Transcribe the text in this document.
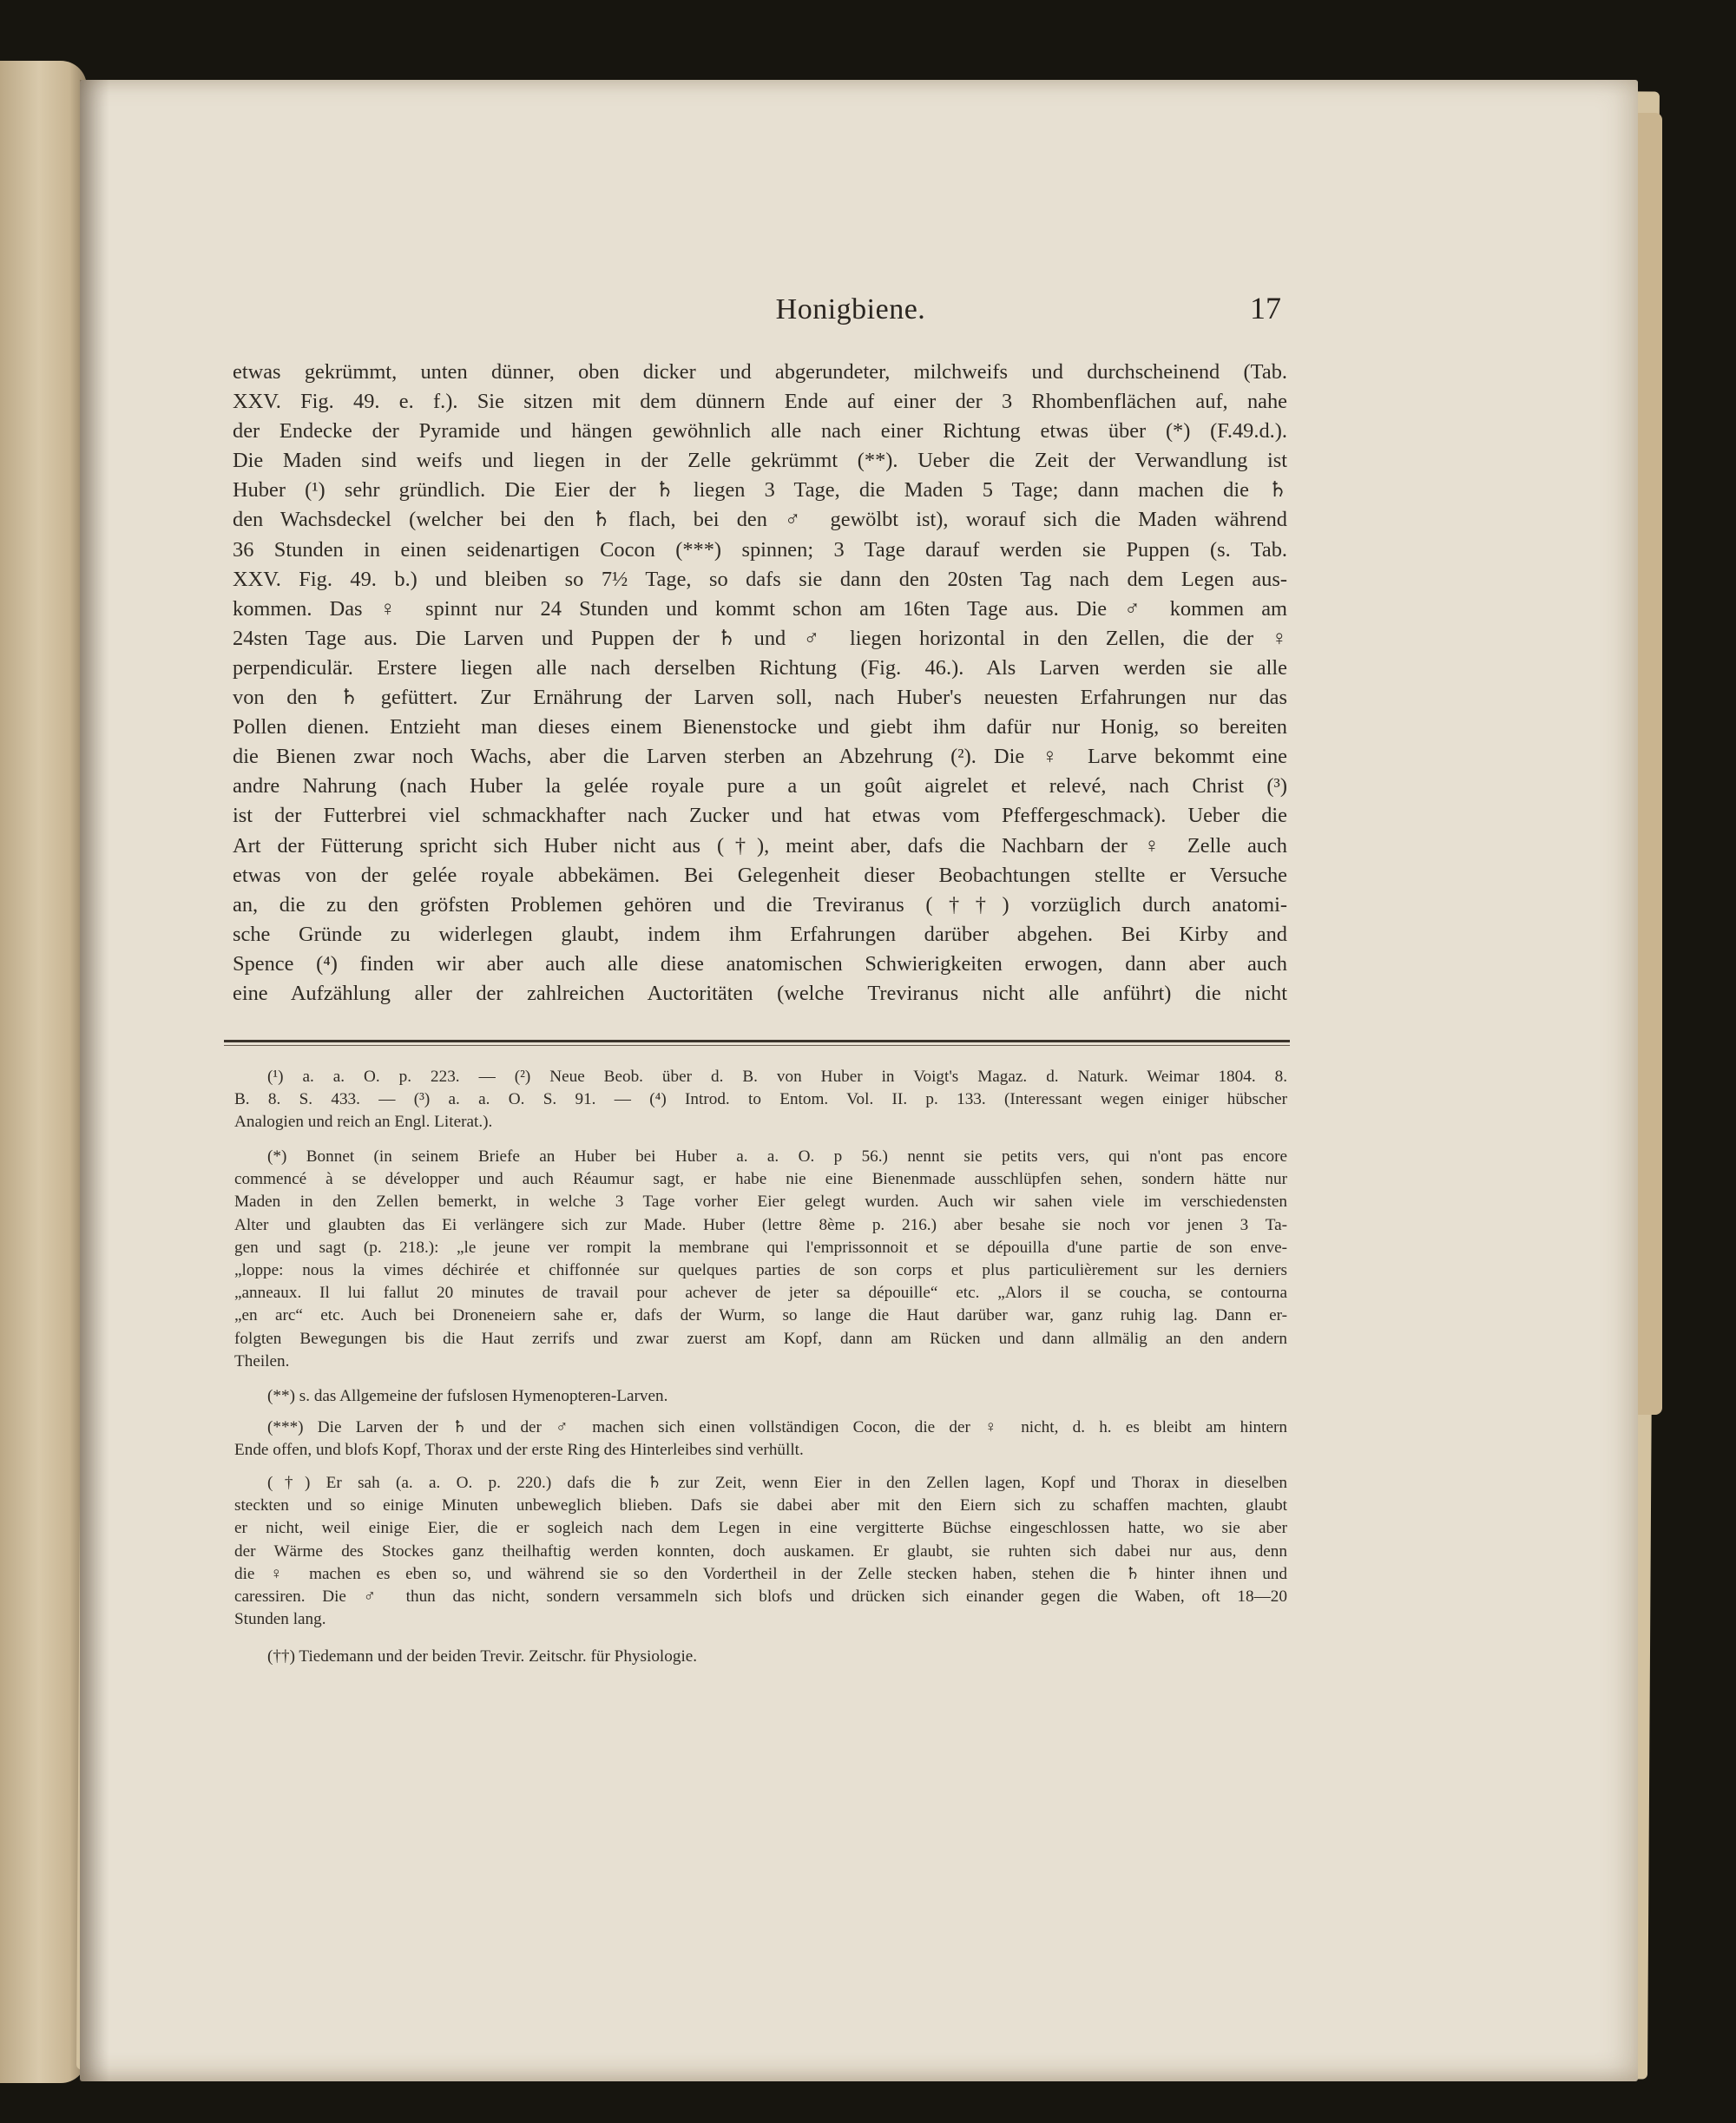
Honigbiene.	17
etwas gekrümmt, unten dünner, oben dicker und abgerundeter, milchweifs und durchscheinend (Tab.
XXV. Fig. 49. e. f.). Sie sitzen mit dem dünnern Ende auf einer der 3 Rhombenflächen auf, nahe
der Endecke der Pyramide und hängen gewöhnlich alle nach einer Richtung etwas über (*) (F.49.d.).
Die Maden sind weifs und liegen in der Zelle gekrümmt (**). Ueber die Zeit der Verwandlung ist
Huber (¹) sehr gründlich. Die Eier der ♄ liegen 3 Tage, die Maden 5 Tage; dann machen die ♄
den Wachsdeckel (welcher bei den ♄ flach, bei den ♂ gewölbt ist), worauf sich die Maden während
36 Stunden in einen seidenartigen Cocon (***) spinnen; 3 Tage darauf werden sie Puppen (s. Tab.
XXV. Fig. 49. b.) und bleiben so 7½ Tage, so dafs sie dann den 20sten Tag nach dem Legen aus-
kommen. Das ♀ spinnt nur 24 Stunden und kommt schon am 16ten Tage aus. Die ♂ kommen am
24sten Tage aus. Die Larven und Puppen der ♄ und ♂ liegen horizontal in den Zellen, die der ♀
perpendiculär. Erstere liegen alle nach derselben Richtung (Fig. 46.). Als Larven werden sie alle
von den ♄ gefüttert. Zur Ernährung der Larven soll, nach Huber's neuesten Erfahrungen nur das
Pollen dienen. Entzieht man dieses einem Bienenstocke und giebt ihm dafür nur Honig, so bereiten
die Bienen zwar noch Wachs, aber die Larven sterben an Abzehrung (²). Die ♀ Larve bekommt eine
andre Nahrung (nach Huber la gelée royale pure a un goût aigrelet et relevé, nach Christ (³)
ist der Futterbrei viel schmackhafter nach Zucker und hat etwas vom Pfeffergeschmack). Ueber die
Art der Fütterung spricht sich Huber nicht aus (†), meint aber, dafs die Nachbarn der ♀ Zelle auch
etwas von der gelée royale abbekämen. Bei Gelegenheit dieser Beobachtungen stellte er Versuche
an, die zu den gröfsten Problemen gehören und die Treviranus (††) vorzüglich durch anatomi-
sche Gründe zu widerlegen glaubt, indem ihm Erfahrungen darüber abgehen. Bei Kirby and
Spence (⁴) finden wir aber auch alle diese anatomischen Schwierigkeiten erwogen, dann aber auch
eine Aufzählung aller der zahlreichen Auctoritäten (welche Treviranus nicht alle anführt) die nicht
(¹) a. a. O. p. 223. — (²) Neue Beob. über d. B. von Huber in Voigt's Magaz. d. Naturk. Weimar 1804. 8.
B. 8. S. 433. — (³) a. a. O. S. 91. — (⁴) Introd. to Entom. Vol. II. p. 133. (Interessant wegen einiger hübscher
Analogien und reich an Engl. Literat.).
(*) Bonnet (in seinem Briefe an Huber bei Huber a. a. O. p 56.) nennt sie petits vers, qui n'ont pas encore
commencé à se développer und auch Réaumur sagt, er habe nie eine Bienenmade ausschlüpfen sehen, sondern hätte nur
Maden in den Zellen bemerkt, in welche 3 Tage vorher Eier gelegt wurden. Auch wir sahen viele im verschiedensten
Alter und glaubten das Ei verlängere sich zur Made. Huber (lettre 8ème p. 216.) aber besahe sie noch vor jenen 3 Ta-
gen und sagt (p. 218.): „le jeune ver rompit la membrane qui l'emprissonnoit et se dépouilla d'une partie de son enve-
„loppe: nous la vimes déchirée et chiffonnée sur quelques parties de son corps et plus particulièrement sur les derniers
„anneaux. Il lui fallut 20 minutes de travail pour achever de jeter sa dépouille“ etc. „Alors il se coucha, se contourna
„en arc“ etc. Auch bei Droneneiern sahe er, dafs der Wurm, so lange die Haut darüber war, ganz ruhig lag. Dann er-
folgten Bewegungen bis die Haut zerrifs und zwar zuerst am Kopf, dann am Rücken und dann allmälig an den andern
Theilen.
(**) s. das Allgemeine der fufslosen Hymenopteren-Larven.
(***) Die Larven der ♄ und der ♂ machen sich einen vollständigen Cocon, die der ♀ nicht, d. h. es bleibt am hintern
Ende offen, und blofs Kopf, Thorax und der erste Ring des Hinterleibes sind verhüllt.
(†) Er sah (a. a. O. p. 220.) dafs die ♄ zur Zeit, wenn Eier in den Zellen lagen, Kopf und Thorax in dieselben
steckten und so einige Minuten unbeweglich blieben. Dafs sie dabei aber mit den Eiern sich zu schaffen machten, glaubt
er nicht, weil einige Eier, die er sogleich nach dem Legen in eine vergitterte Büchse eingeschlossen hatte, wo sie aber
der Wärme des Stockes ganz theilhaftig werden konnten, doch auskamen. Er glaubt, sie ruhten sich dabei nur aus, denn
die ♀ machen es eben so, und während sie so den Vordertheil in der Zelle stecken haben, stehen die ♄ hinter ihnen und
caressiren. Die ♂ thun das nicht, sondern versammeln sich blofs und drücken sich einander gegen die Waben, oft 18—20
Stunden lang.
(††) Tiedemann und der beiden Trevir. Zeitschr. für Physiologie.
